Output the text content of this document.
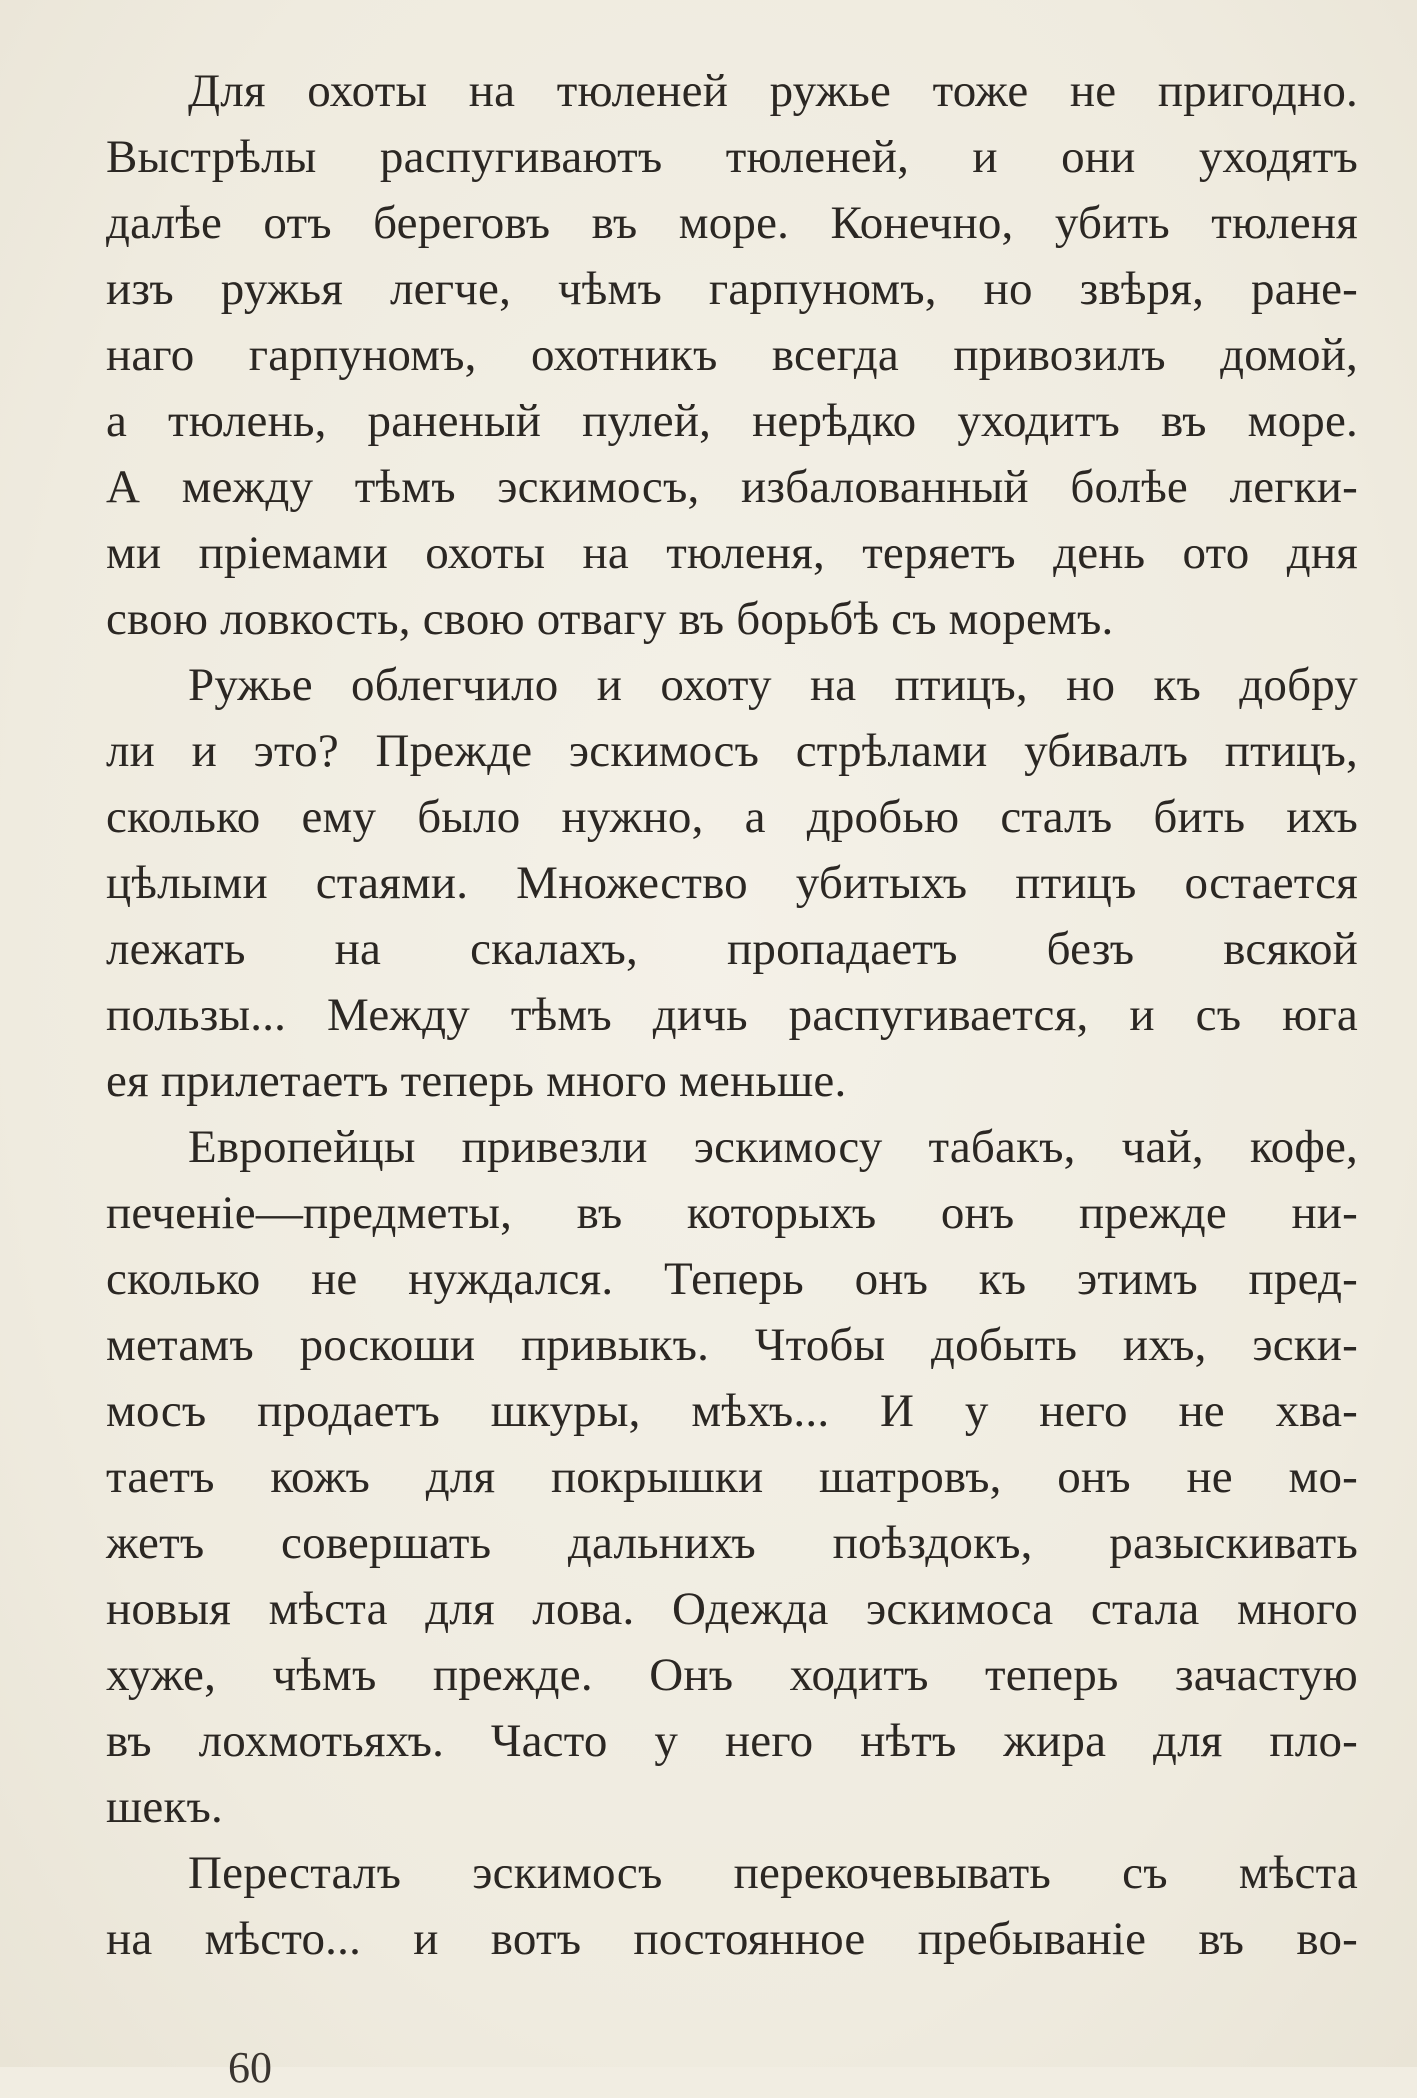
Для охоты на тюленей ружье тоже не пригодно.
Выстрѣлы распугиваютъ тюленей, и они уходятъ
далѣе отъ береговъ въ море. Конечно, убить тюленя
изъ ружья легче, чѣмъ гарпуномъ, но звѣря, ране-
наго гарпуномъ, охотникъ всегда привозилъ домой,
а тюлень, раненый пулей, нерѣдко уходитъ въ море.
А между тѣмъ эскимосъ, избалованный болѣе легки-
ми прiемами охоты на тюленя, теряетъ день ото дня
свою ловкость, свою отвагу въ борьбѣ съ моремъ.
Ружье облегчило и охоту на птицъ, но къ добру
ли и это? Прежде эскимосъ стрѣлами убивалъ птицъ,
сколько ему было нужно, а дробью сталъ бить ихъ
цѣлыми стаями. Множество убитыхъ птицъ остается
лежать на скалахъ, пропадаетъ безъ всякой
пользы... Между тѣмъ дичь распугивается, и съ юга
ея прилетаетъ теперь много меньше.
Европейцы привезли эскимосу табакъ, чай, кофе,
печенiе—предметы, въ которыхъ онъ прежде ни-
сколько не нуждался. Теперь онъ къ этимъ пред-
метамъ роскоши привыкъ. Чтобы добыть ихъ, эски-
мосъ продаетъ шкуры, мѣхъ... И у него не хва-
таетъ кожъ для покрышки шатровъ, онъ не мо-
жетъ совершать дальнихъ поѣздокъ, разыскивать
новыя мѣста для лова. Одежда эскимоса стала много
хуже, чѣмъ прежде. Онъ ходитъ теперь зачастую
въ лохмотьяхъ. Часто у него нѣтъ жира для пло-
шекъ.
Пересталъ эскимосъ перекочевывать съ мѣста
на мѣсто... и вотъ постоянное пребыванiе въ во-
60
